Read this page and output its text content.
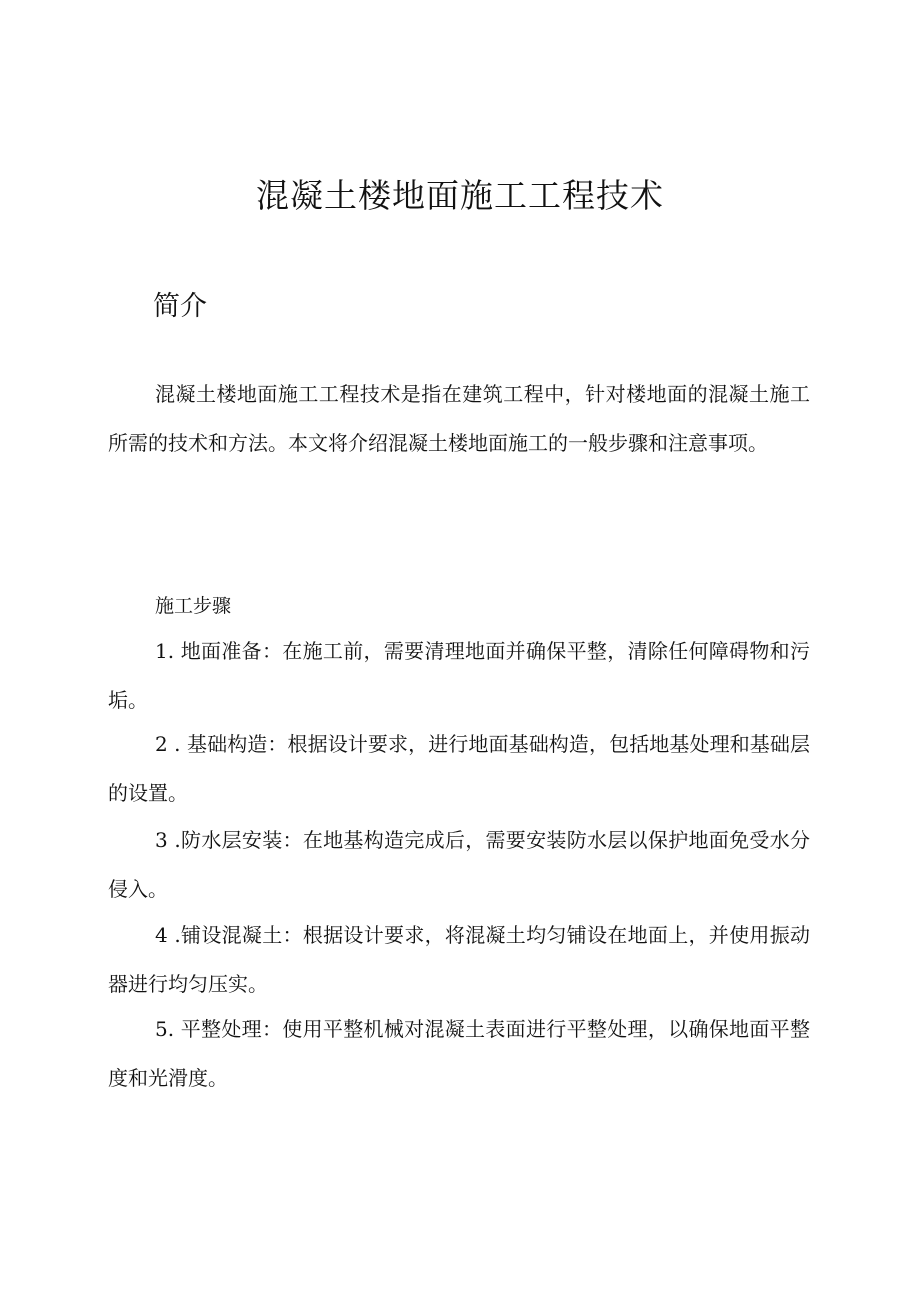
混凝土楼地面施工工程技术
简介

混凝土楼地面施工工程技术是指在建筑工程中，针对楼地面的混凝土施工所需的技术和方法。本文将介绍混凝土楼地面施工的一般步骤和注意事项。

施工步骤

1. 地面准备：在施工前，需要清理地面并确保平整，清除任何障碍物和污垢。

2 . 基础构造：根据设计要求，进行地面基础构造，包括地基处理和基础层的设置。

3 .防水层安装：在地基构造完成后，需要安装防水层以保护地面免受水分侵入。

4 .铺设混凝土：根据设计要求，将混凝土均匀铺设在地面上，并使用振动器进行均匀压实。

5. 平整处理：使用平整机械对混凝土表面进行平整处理，以确保地面平整度和光滑度。
